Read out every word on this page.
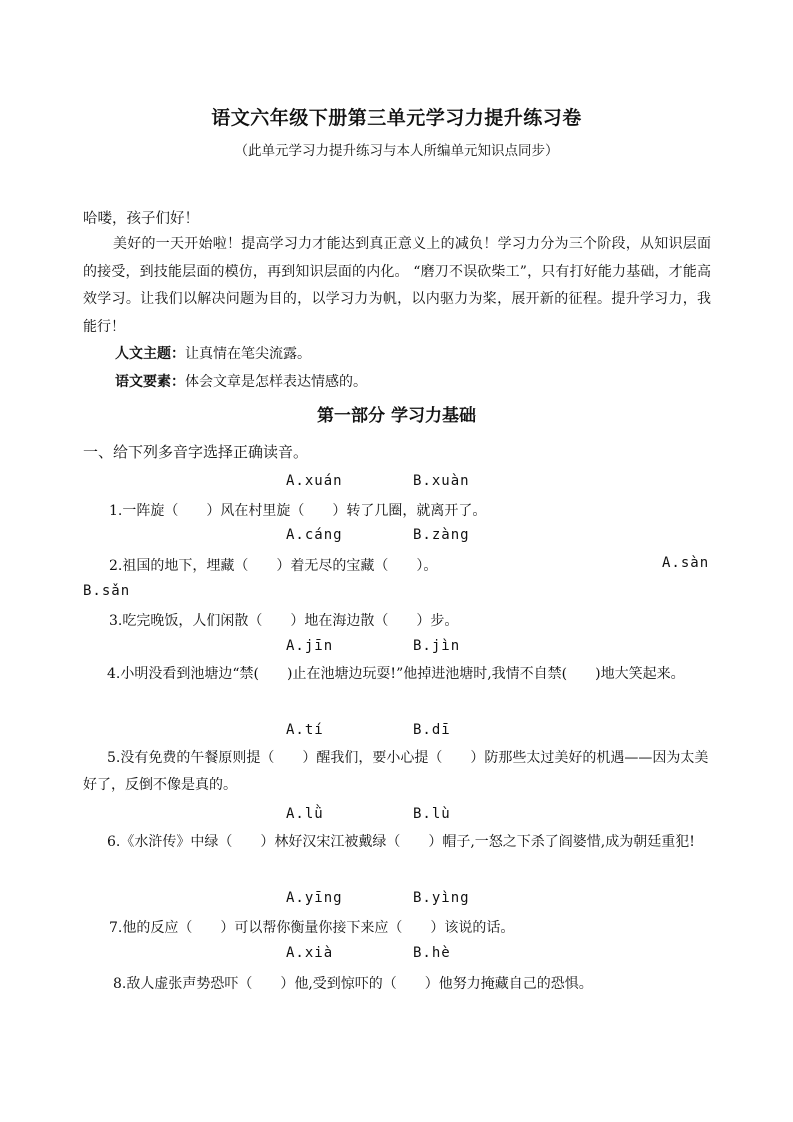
语文六年级下册第三单元学习力提升练习卷
（此单元学习力提升练习与本人所编单元知识点同步）
哈喽，孩子们好！
美好的一天开始啦！提高学习力才能达到真正意义上的减负！学习力分为三个阶段，从知识层面的接受，到技能层面的模仿，再到知识层面的内化。 “磨刀不误砍柴工”，只有打好能力基础，才能高效学习。让我们以解决问题为目的，以学习力为帆，以内驱力为桨，展开新的征程。提升学习力，我能行！
人文主题：让真情在笔尖流露。
语文要素：体会文章是怎样表达情感的。
第一部分 学习力基础
一、给下列多音字选择正确读音。
A.xuán	B.xuàn
1.一阵旋（　　）风在村里旋（　　）转了几圈，就离开了。
A.cáng	B.zàng
2.祖国的地下，埋藏（　　）着无尽的宝藏（　　）。	A.sàn
B.sǎn
3.吃完晚饭，人们闲散（　　）地在海边散（　　）步。
A.jīn	B.jìn
4.小明没看到池塘边“禁(　　)止在池塘边玩耍!”他掉进池塘时,我情不自禁(　　)地大笑起来。
A.tí	B.dī
5.没有免费的午餐原则提（　　）醒我们，要小心提（　　）防那些太过美好的机遇——因为太美好了，反倒不像是真的。
A.lǜ	B.lù
6.《水浒传》中绿（　　）林好汉宋江被戴绿（　　）帽子,一怒之下杀了阎婆惜,成为朝廷重犯!
A.yīng	B.yìng
7.他的反应（　　）可以帮你衡量你接下来应（　　）该说的话。
A.xià	B.hè
8.敌人虚张声势恐吓（　　）他,受到惊吓的（　　）他努力掩藏自己的恐惧。
